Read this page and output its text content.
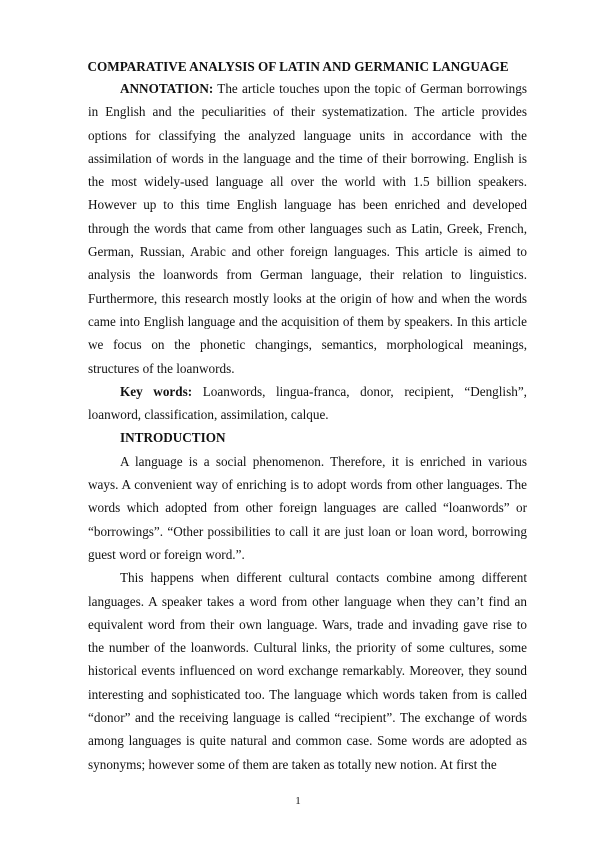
COMPARATIVE ANALYSIS OF LATIN AND GERMANIC LANGUAGE

ANNOTATION: The article touches upon the topic of German borrowings in English and the peculiarities of their systematization. The article provides options for classifying the analyzed language units in accordance with the assimilation of words in the language and the time of their borrowing. English is the most widely-used language all over the world with 1.5 billion speakers. However up to this time English language has been enriched and developed through the words that came from other languages such as Latin, Greek, French, German, Russian, Arabic and other foreign languages. This article is aimed to analysis the loanwords from German language, their relation to linguistics. Furthermore, this research mostly looks at the origin of how and when the words came into English language and the acquisition of them by speakers. In this article we focus on the phonetic changings, semantics, morphological meanings, structures of the loanwords.

Key words: Loanwords, lingua-franca, donor, recipient, “Denglish”, loanword, classification, assimilation, calque.

INTRODUCTION

A language is a social phenomenon. Therefore, it is enriched in various ways. A convenient way of enriching is to adopt words from other languages. The words which adopted from other foreign languages are called “loanwords” or “borrowings”. “Other possibilities to call it are just loan or loan word, borrowing guest word or foreign word.”.

This happens when different cultural contacts combine among different languages. A speaker takes a word from other language when they can’t find an equivalent word from their own language. Wars, trade and invading gave rise to the number of the loanwords. Cultural links, the priority of some cultures, some historical events influenced on word exchange remarkably. Moreover, they sound interesting and sophisticated too. The language which words taken from is called “donor” and the receiving language is called “recipient”. The exchange of words among languages is quite natural and common case. Some words are adopted as synonyms; however some of them are taken as totally new notion. At first the

1
